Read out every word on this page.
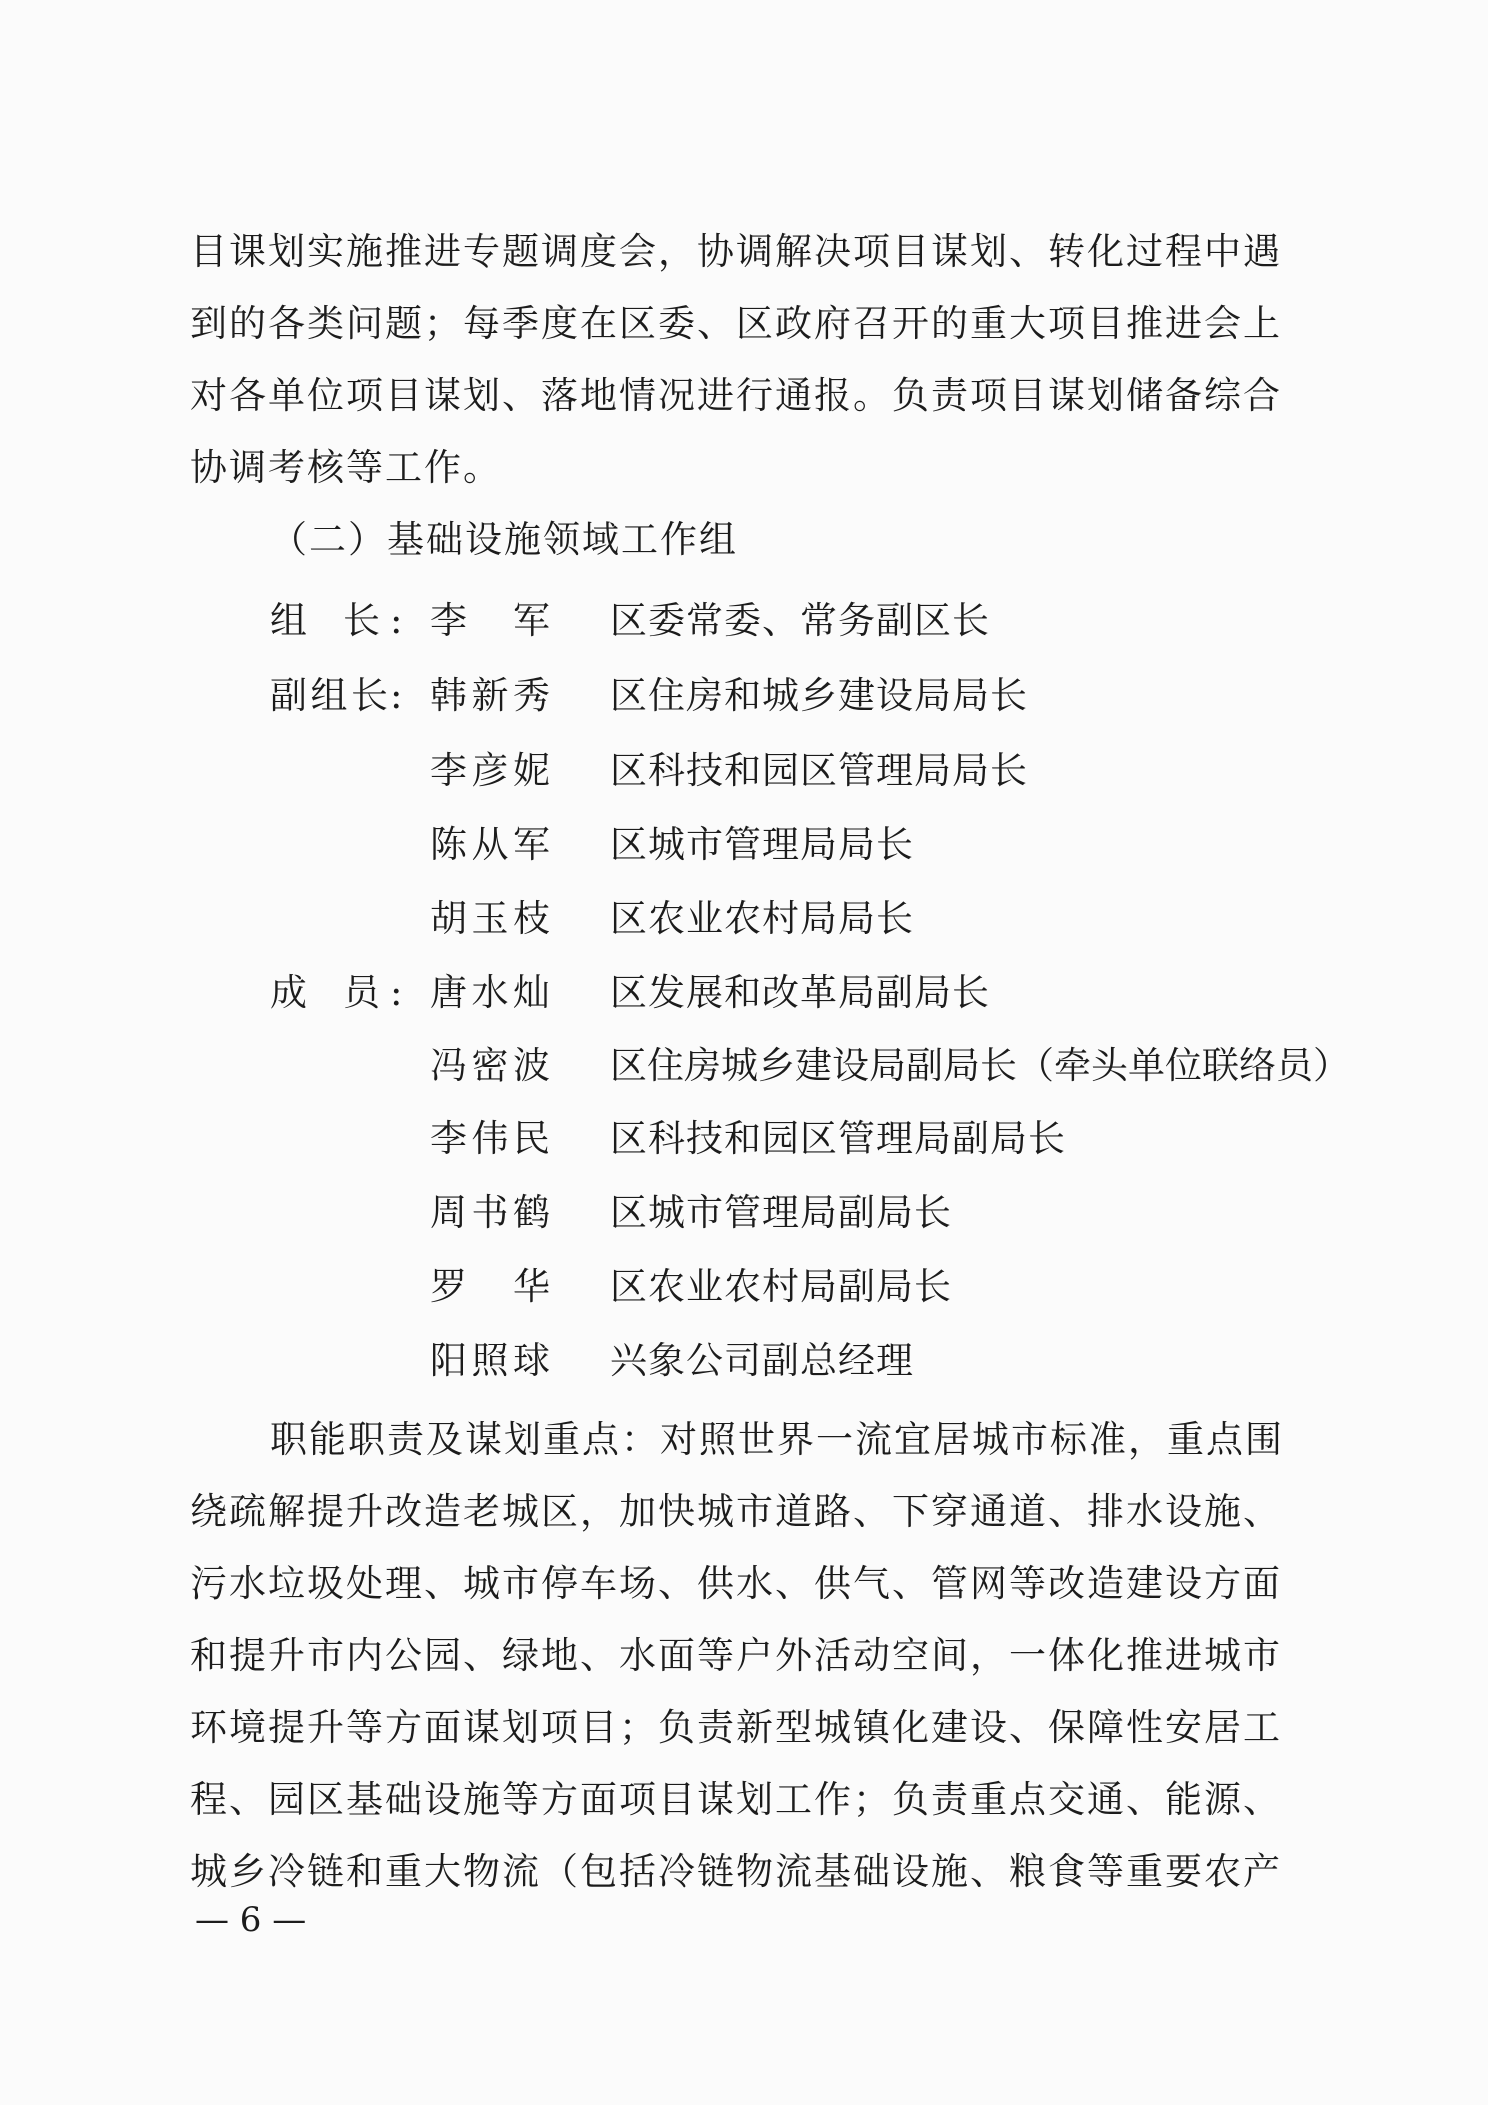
目课划实施推进专题调度会，协调解决项目谋划、转化过程中遇
到的各类问题；每季度在区委、区政府召开的重大项目推进会上
对各单位项目谋划、落地情况进行通报。负责项目谋划储备综合
协调考核等工作。
（二）基础设施领域工作组
组 长 : 李 军 区委常委、常务副区长
副组长 : 韩新秀 区住房和城乡建设局局长
李彦妮 区科技和园区管理局局长
陈从军 区城市管理局局长
胡玉枝 区农业农村局局长
成 员 : 唐水灿 区发展和改革局副局长
冯密波 区住房城乡建设局副局长（牵头单位联络员）
李伟民 区科技和园区管理局副局长
周书鹤 区城市管理局副局长
罗 华 区农业农村局副局长
阳照球 兴象公司副总经理
职能职责及谋划重点：对照世界一流宜居城市标准，重点围
绕疏解提升改造老城区，加快城市道路、下穿通道、排水设施、
污水垃圾处理、城市停车场、供水、供气、管网等改造建设方面
和提升市内公园、绿地、水面等户外活动空间，一体化推进城市
环境提升等方面谋划项目；负责新型城镇化建设、保障性安居工
程、园区基础设施等方面项目谋划工作；负责重点交通、能源、
城乡冷链和重大物流（包括冷链物流基础设施、粮食等重要农产
— 6 —
